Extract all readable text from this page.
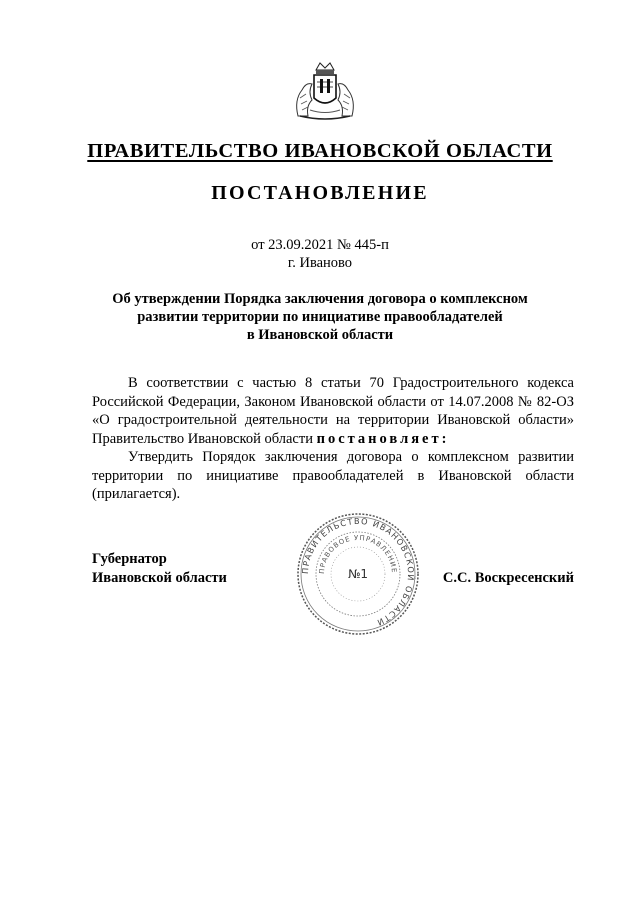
ПРАВИТЕЛЬСТВО ИВАНОВСКОЙ ОБЛАСТИ
ПОСТАНОВЛЕНИЕ
от 23.09.2021 № 445-п
г. Иваново
Об утверждении Порядка заключения договора о комплексном
развитии территории по инициативе правообладателей
в Ивановской области

В соответствии с частью 8 статьи 70 Градостроительного кодекса Российской Федерации, Законом Ивановской области от 14.07.2008 № 82-ОЗ «О градостроительной деятельности на территории Ивановской области» Правительство Ивановской области постановляет:

Утвердить Порядок заключения договора о комплексном развитии территории по инициативе правообладателей в Ивановской области (прилагается).

Губернатор
Ивановской области	ПРАВИТЕЛЬСТВО ИВАНОВСКОЙ ОБЛАСТИ
ПРАВОВОЕ УПРАВЛЕНИЕ
№1	С.С. Воскресенский
